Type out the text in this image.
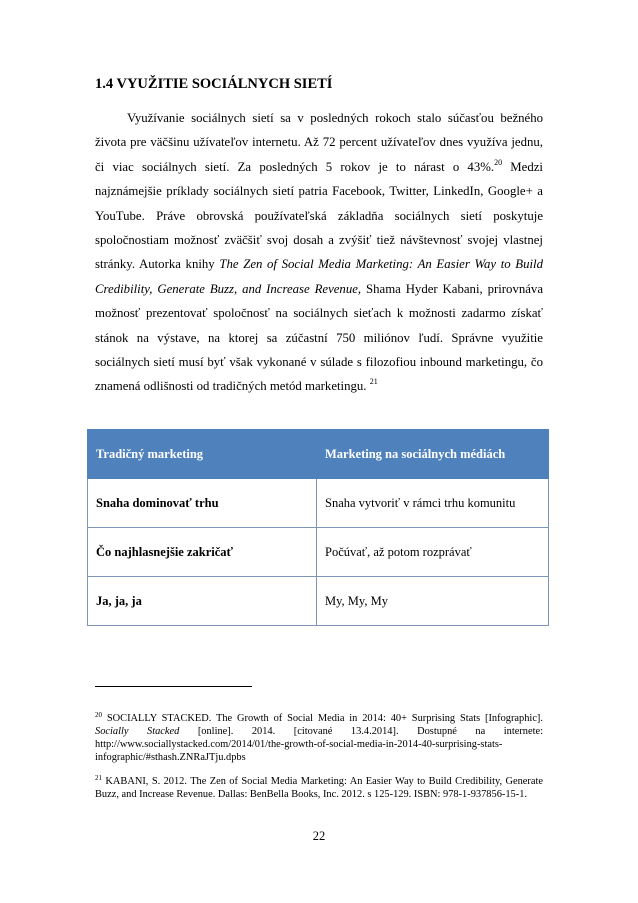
1.4 VYUŽITIE SOCIÁLNYCH SIETÍ

Využívanie sociálnych sietí sa v posledných rokoch stalo súčasťou bežného života pre väčšinu užívateľov internetu. Až 72 percent užívateľov dnes využíva jednu, či viac sociálnych sietí. Za posledných 5 rokov je to nárast o 43%.$^{20}$ Medzi najznámejšie príklady sociálnych sietí patria Facebook, Twitter, LinkedIn, Google+ a YouTube. Práve obrovská používateľská základňa sociálnych sietí poskytuje spoločnostiam možnosť zväčšiť svoj dosah a zvýšiť tiež návštevnosť svojej vlastnej stránky. Autorka knihy The Zen of Social Media Marketing: An Easier Way to Build Credibility, Generate Buzz, and Increase Revenue, Shama Hyder Kabani, prirovnáva možnosť prezentovať spoločnosť na sociálnych sieťach k možnosti zadarmo získať stánok na výstave, na ktorej sa zúčastní 750 miliónov ľudí. Správne využitie sociálnych sietí musí byť však vykonané v súlade s filozofiou inbound marketingu, čo znamená odlišnosti od tradičných metód marketingu. $^{21}$

Tradičný marketing	Marketing na sociálnych médiách
Snaha dominovať trhu	Snaha vytvoriť v rámci trhu komunitu
Čo najhlasnejšie zakričať	Počúvať, až potom rozprávať
Ja, ja, ja	My, My, My

$^{20}$ SOCIALLY STACKED. The Growth of Social Media in 2014: 40+ Surprising Stats [Infographic]. Socially Stacked [online]. 2014. [citované 13.4.2014]. Dostupné na internete: http://www.sociallystacked.com/2014/01/the-growth-of-social-media-in-2014-40-surprising-stats-infographic/#sthash.ZNRaJTju.dpbs

$^{21}$ KABANI, S. 2012. The Zen of Social Media Marketing: An Easier Way to Build Credibility, Generate Buzz, and Increase Revenue. Dallas: BenBella Books, Inc. 2012. s 125-129. ISBN: 978-1-937856-15-1.

22
